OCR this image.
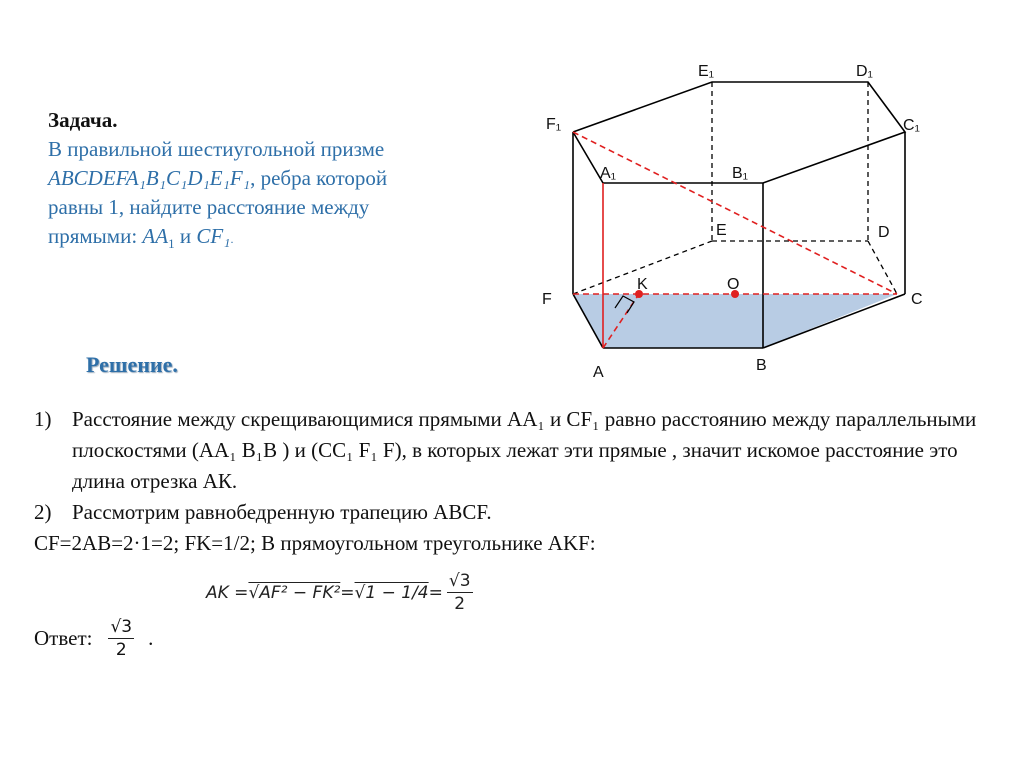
Задача.
В правильной шестиугольной призме
ABCDEFA₁B₁C₁D₁E₁F₁, ребра которой
равны 1, найдите расстояние между
прямыми: $AA_1$ и CF₁.
E₁	D₁
F₁	C₁
A₁	B₁
E	D
K	O
F	C
A	B
Решение.
1) Расстояние между скрещивающимися прямыми AA₁ и CF₁ равно расстоянию между параллельными плоскостями (AA₁ B₁B ) и (CC₁ F₁ F), в которых лежат эти прямые , значит искомое расстояние это длина отрезка АК.
2) Рассмотрим равнобедренную трапецию ABCF.
CF=2AB=2·1=2; FK=1/2; В прямоугольном треугольнике AKF:
AK = $√AF^2 - FK^2 = √1 - 1/4 = \frac{√3}{2}$
Ответ: $\frac{√3}{2}$ .
